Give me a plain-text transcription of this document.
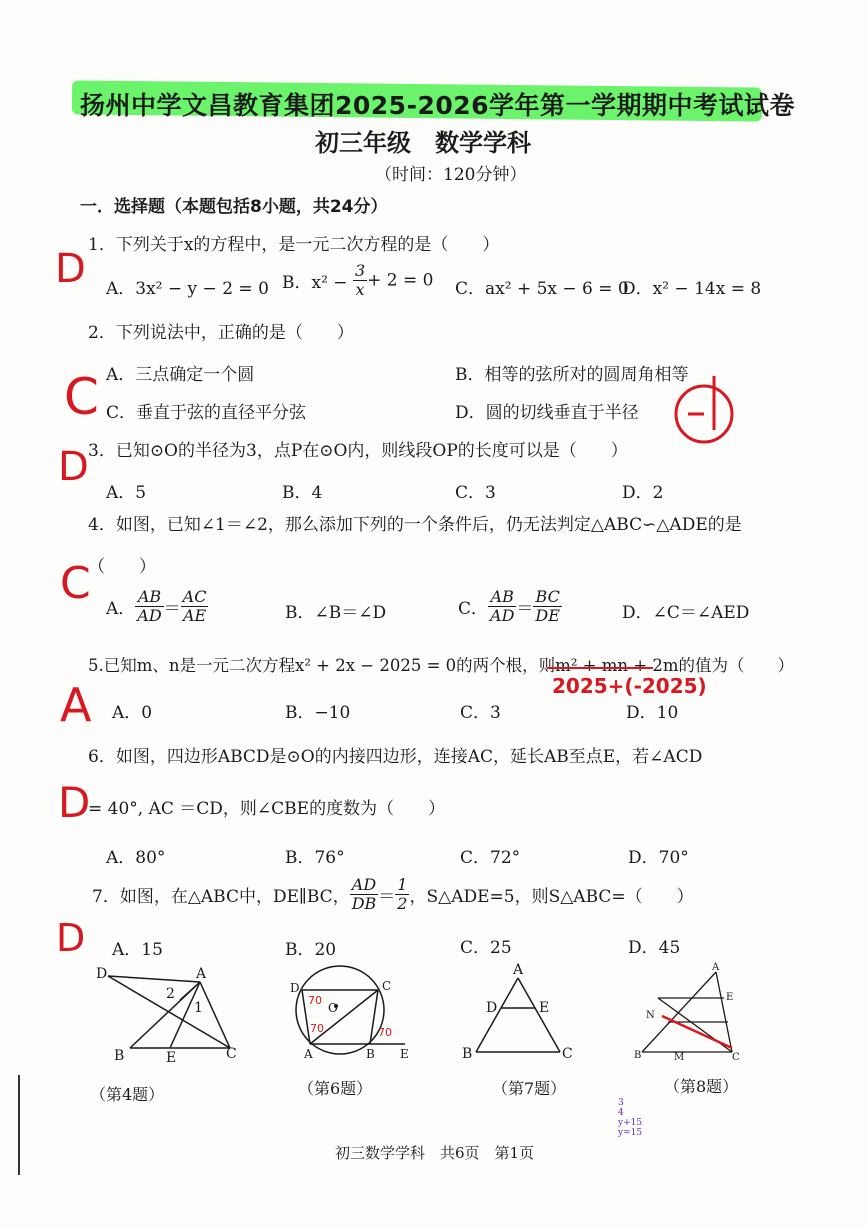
扬州中学文昌教育集团2025-2026学年第一学期期中考试试卷
初三年级　数学学科
（时间：120分钟）
一．选择题（本题包括8小题，共24分）
1．下列关于x的方程中，是一元二次方程的是（　　）
A．3x² − y − 2 = 0 B．$x^2 - \frac{3}{x} + 2 = 0$ C．ax² + 5x − 6 = 0
D．x² − 14x = 8
2．下列说法中，正确的是（　　）
A．三点确定一个圆	B．相等的弦所对的圆周角相等
C．垂直于弦的直径平分弦	D．圆的切线垂直于半径
3．已知⊙O的半径为3，点P在⊙O内，则线段OP的长度可以是（　　）
A．5	B．4	C．3	D．2
4．如图，已知∠1＝∠2，那么添加下列的一个条件后，仍无法判定△ABC∽△ADE的是
（　　）
A． $\frac{AB}{AD} = \frac{AC}{AE}$	B．∠B＝∠D	C． $\frac{AB}{AD} = \frac{BC}{DE}$	D．∠C＝∠AED
5.已知m、n是一元二次方程x² + 2x − 2025 = 0的两个根，则m² + mn + 2m的值为（　　）
A．0	B．−10	C．3	D．10
6．如图，四边形ABCD是⊙O的内接四边形，连接AC，延长AB至点E，若∠ACD
= 40°, AC ＝CD，则∠CBE的度数为（　　）
A．80°	B．76°	C．72°	D．70°
7．如图，在△ABC中，DE∥BC， $\frac{AD}{DB} = \frac{1}{2}$ ，S△ADE=5，则S△ABC=（　　）
A．15	B．20	C．25	D．45
D	A
2
1
B	E	C
（第4题）
D	C
O
A	B E
70
70	70
（第6题）
A
D	E
B	C
（第7题）
A
N
E
B	C
M
（第8题）
初三数学学科　共6页　第1页
D
C
D
C
A
D
D
2025+(-2025)
3
4
y+15
y=15
